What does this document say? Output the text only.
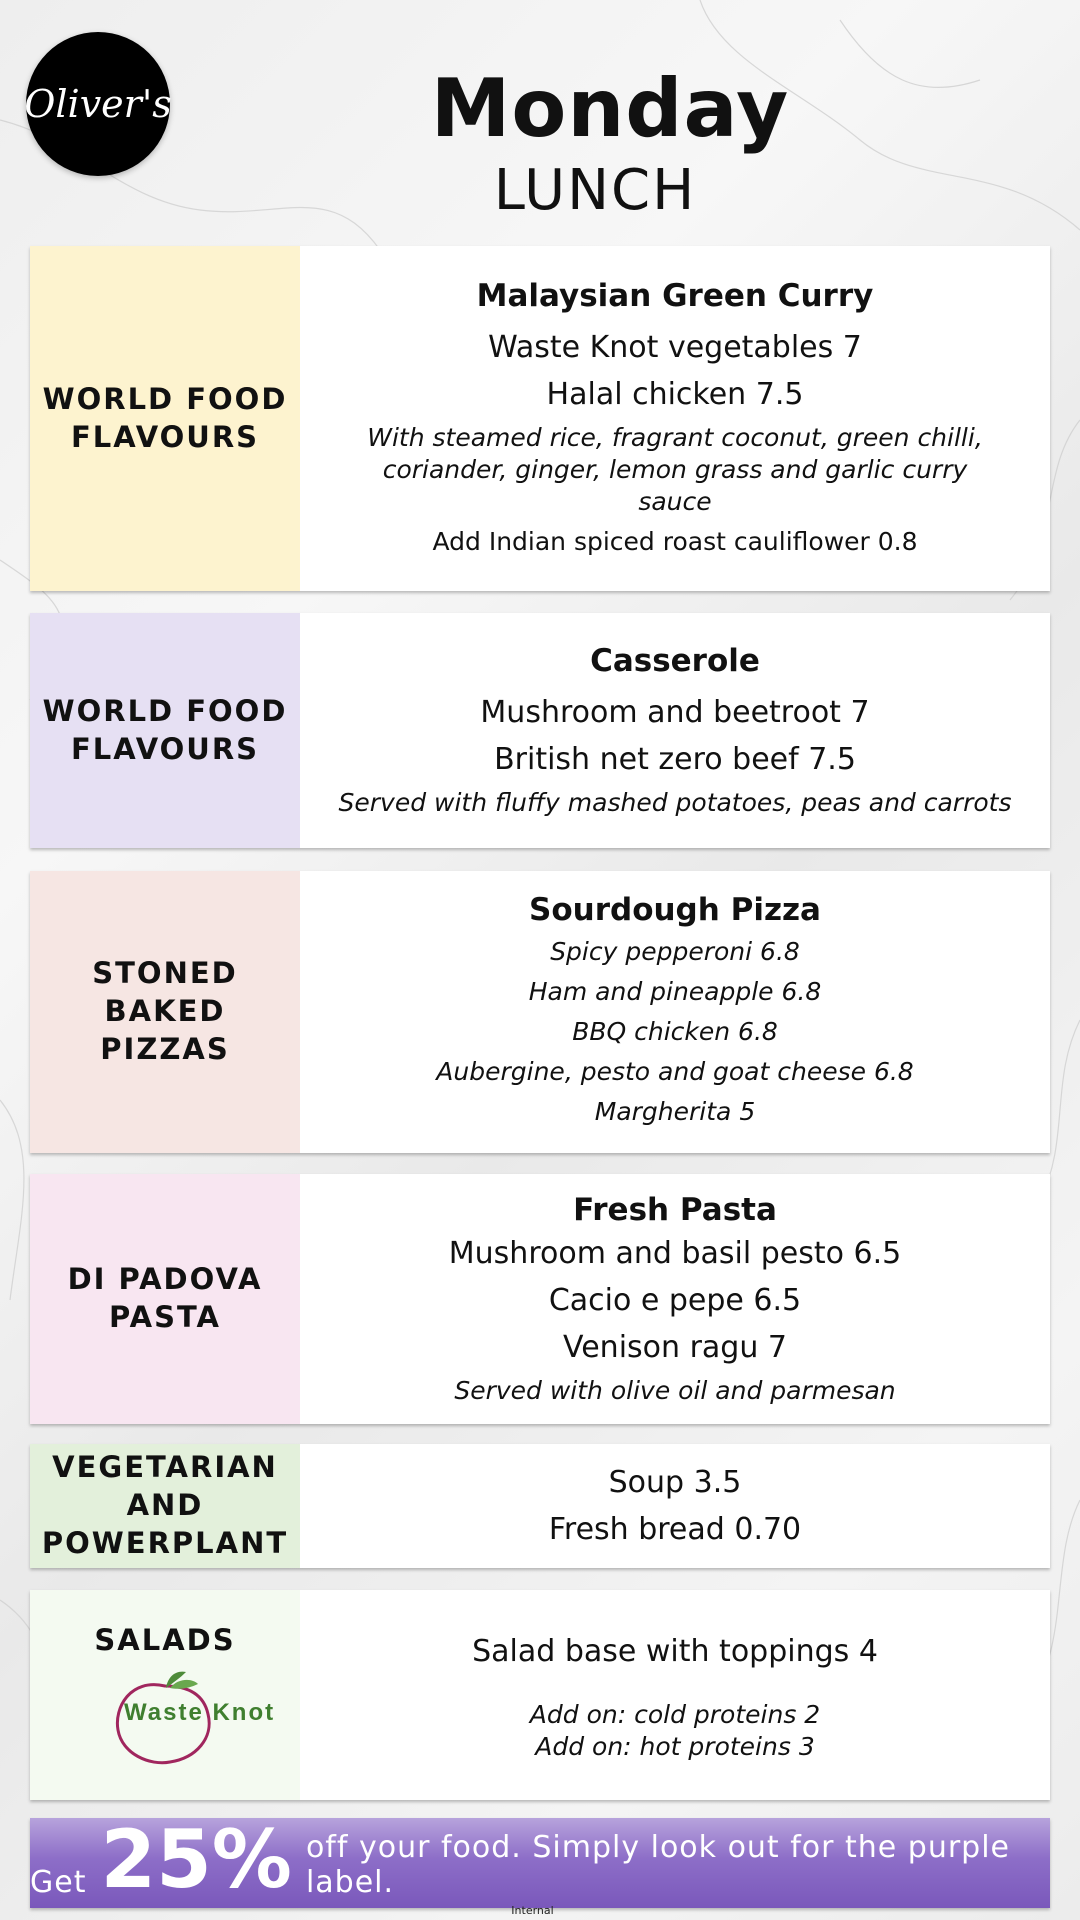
Oliver's	Monday
LUNCH
WORLD FOOD FLAVOURS
Malaysian Green Curry
Waste Knot vegetables 7
Halal chicken 7.5
With steamed rice, fragrant coconut, green chilli, coriander, ginger, lemon grass and garlic curry sauce
Add Indian spiced roast cauliflower 0.8
WORLD FOOD FLAVOURS
Casserole
Mushroom and beetroot 7
British net zero beef 7.5
Served with fluffy mashed potatoes, peas and carrots
STONED BAKED PIZZAS
Sourdough Pizza
Spicy pepperoni 6.8
Ham and pineapple 6.8
BBQ chicken 6.8
Aubergine, pesto and goat cheese 6.8
Margherita 5
DI PADOVA PASTA
Fresh Pasta
Mushroom and basil pesto 6.5
Cacio e pepe 6.5
Venison ragu 7
Served with olive oil and parmesan
VEGETARIAN AND POWERPLANT
Soup 3.5
Fresh bread 0.70
SALADS
Waste Knot
Salad base with toppings 4
Add on: cold proteins 2
Add on: hot proteins 3
Get 25% off your food. Simply look out for the purple label.
Internal
